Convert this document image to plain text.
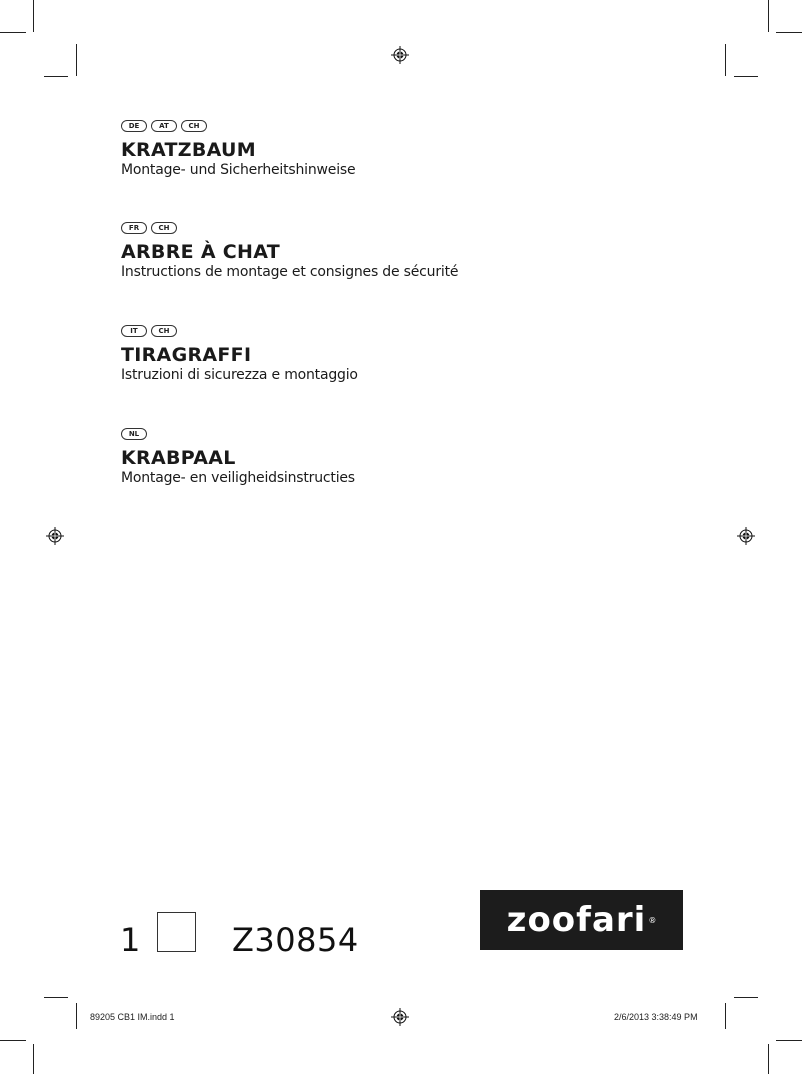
DE	AT	CH
KRATZBAUM
Montage- und Sicherheitshinweise
FR	CH
ARBRE À CHAT
Instructions de montage et consignes de sécurité
IT	CH
TIRAGRAFFI
Istruzioni di sicurezza e montaggio
NL
KRABPAAL
Montage- en veiligheidsinstructies
1	Z30854	zoofari ®
89205 CB1 IM.indd 1	2/6/2013 3:38:49 PM
